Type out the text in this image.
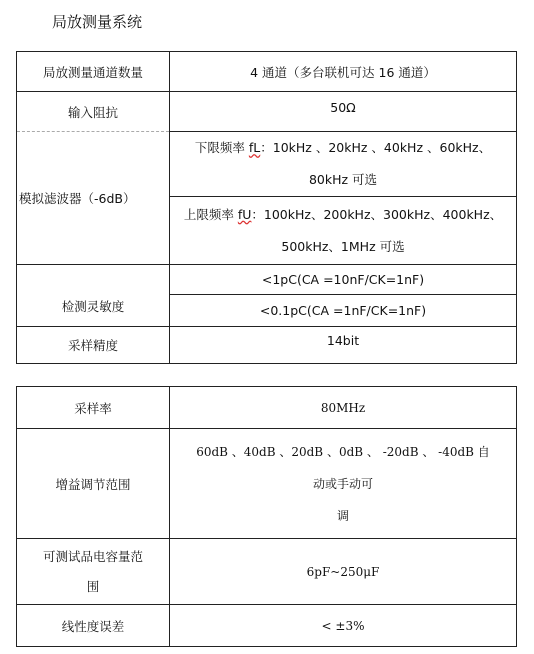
局放测量系统
局放测量通道数量	4 通道（多台联机可达 16 通道）
输入阻抗	50Ω
模拟滤波器（-6dB）	下限频率 fL：10kHz 、20kHz 、40kHz 、60kHz、
80kHz 可选

	上限频率 fU：100kHz、200kHz、300kHz、400kHz、
500kHz、1MHz 可选

检测灵敏度	<1pC(CA =10nF/CK=1nF)
	<0.1pC(CA =1nF/CK=1nF)
采样精度	14bit
采样率	80MHz
增益调节范围	60dB 、40dB 、20dB 、0dB 、 -20dB 、 -40dB 自
动或手动可
调

可测试品电容量范
围	6pF~250μF
线性度误差	< ±3%
